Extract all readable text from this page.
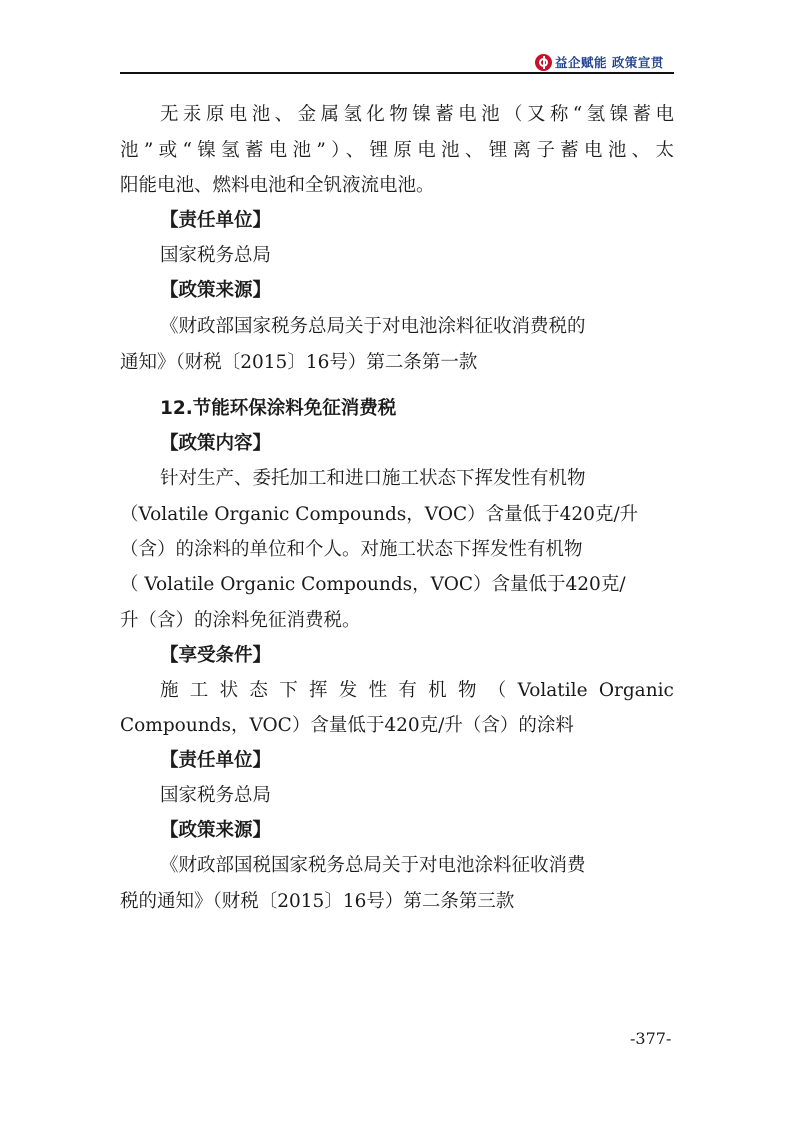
益企赋能 政策宣贯
无汞原电池、金属氢化物镍蓄电池（又称“氢镍蓄电
池”或“镍氢蓄电池”）、锂原电池、锂离子蓄电池、太
阳能电池、燃料电池和全钒液流电池。
【责任单位】
国家税务总局
【政策来源】
《财政部国家税务总局关于对电池涂料征收消费税的
通知》（财税〔2015〕16号）第二条第一款
12.节能环保涂料免征消费税
【政策内容】
针对生产、委托加工和进口施工状态下挥发性有机物
（Volatile Organic Compounds，VOC）含量低于420克/升
（含）的涂料的单位和个人。对施工状态下挥发性有机物
（ Volatile Organic Compounds，VOC）含量低于420克/
升（含）的涂料免征消费税。
【享受条件】
施 工 状 态 下 挥 发 性 有 机 物 （ Volatile Organic
Compounds，VOC）含量低于420克/升（含）的涂料
【责任单位】
国家税务总局
【政策来源】
《财政部国税国家税务总局关于对电池涂料征收消费
税的通知》（财税〔2015〕16号）第二条第三款
-377-
